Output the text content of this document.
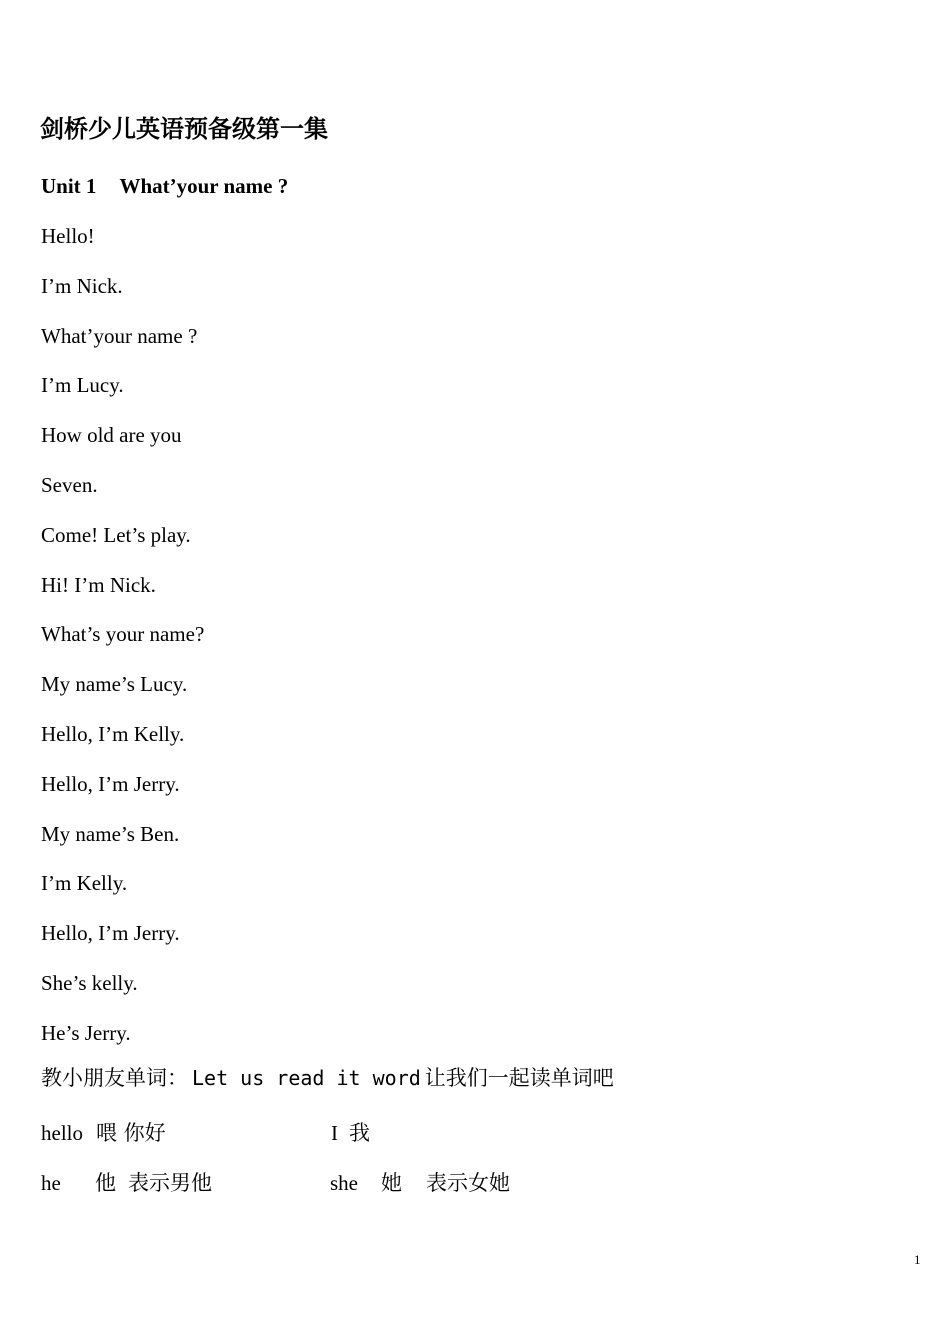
剑桥少儿英语预备级第一集
Unit 1 What’your name ?
Hello!
I’m Nick.
What’your name ?
I’m Lucy.
How old are you
Seven.
Come! Let’s play.
Hi! I’m Nick.
What’s your name?
My name’s Lucy.
Hello, I’m Kelly.
Hello, I’m Jerry.
My name’s Ben.
I’m Kelly.
Hello, I’m Jerry.
She’s kelly.
He’s Jerry.
教小朋友单词： Let us read it word 让我们一起读单词吧
hello 喂 你好	I 我
he 他 表示男他	she 她 表示女她
1
